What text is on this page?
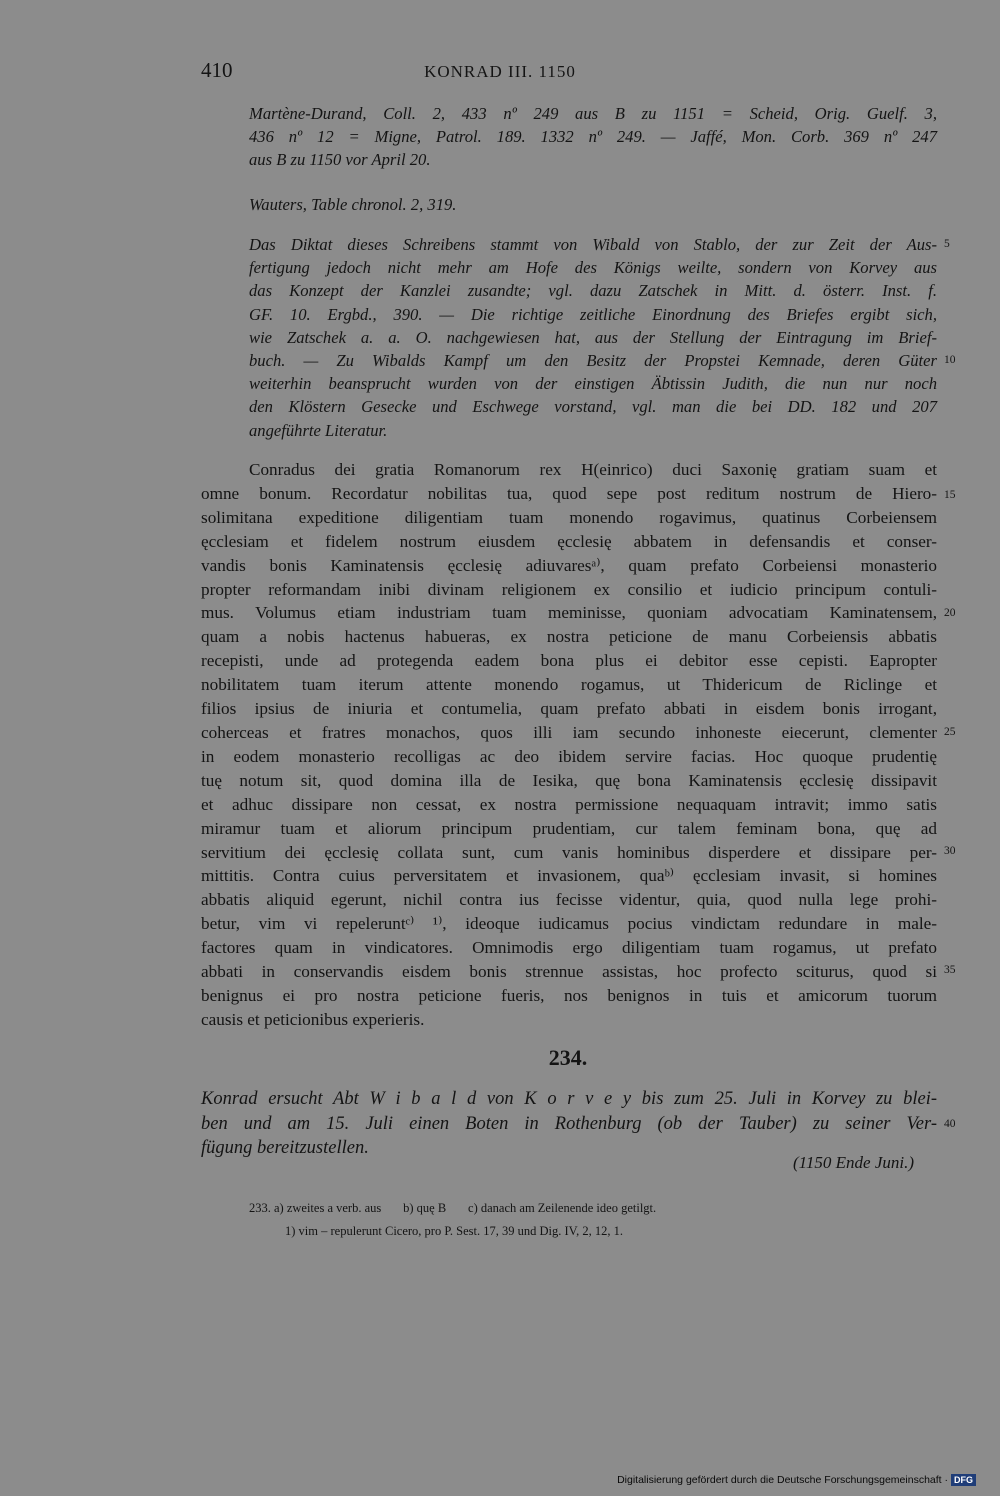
410	KONRAD III. 1150
Martène-Durand, Coll. 2, 433 nº 249 aus B zu 1151 = Scheid, Orig. Guelf. 3,
436 nº 12 = Migne, Patrol. 189. 1332 nº 249. — Jaffé, Mon. Corb. 369 nº 247
aus B zu 1150 vor April 20.
Wauters, Table chronol. 2, 319.
Das Diktat dieses Schreibens stammt von Wibald von Stablo, der zur Zeit der Aus-
fertigung jedoch nicht mehr am Hofe des Königs weilte, sondern von Korvey aus
das Konzept der Kanzlei zusandte; vgl. dazu Zatschek in Mitt. d. österr. Inst. f.
GF. 10. Ergbd., 390. — Die richtige zeitliche Einordnung des Briefes ergibt sich,
wie Zatschek a. a. O. nachgewiesen hat, aus der Stellung der Eintragung im Brief-
buch. — Zu Wibalds Kampf um den Besitz der Propstei Kemnade, deren Güter
weiterhin beansprucht wurden von der einstigen Äbtissin Judith, die nun nur noch
den Klöstern Gesecke und Eschwege vorstand, vgl. man die bei DD. 182 und 207
angeführte Literatur.
Conradus dei gratia Romanorum rex H(einrico) duci Saxonię gratiam suam et
omne bonum. Recordatur nobilitas tua, quod sepe post reditum nostrum de Hiero-
solimitana expeditione diligentiam tuam monendo rogavimus, quatinus Corbeiensem
ęcclesiam et fidelem nostrum eiusdem ęcclesię abbatem in defensandis et conser-
vandis bonis Kaminatensis ęcclesię adiuvaresᵃ⁾, quam prefato Corbeiensi monasterio
propter reformandam inibi divinam religionem ex consilio et iudicio principum contuli-
mus. Volumus etiam industriam tuam meminisse, quoniam advocatiam Kaminatensem,
quam a nobis hactenus habueras, ex nostra peticione de manu Corbeiensis abbatis
recepisti, unde ad protegenda eadem bona plus ei debitor esse cepisti. Eapropter
nobilitatem tuam iterum attente monendo rogamus, ut Thidericum de Riclinge et
filios ipsius de iniuria et contumelia, quam prefato abbati in eisdem bonis irrogant,
coherceas et fratres monachos, quos illi iam secundo inhoneste eiecerunt, clementer
in eodem monasterio recolligas ac deo ibidem servire facias. Hoc quoque prudentię
tuę notum sit, quod domina illa de Iesika, quę bona Kaminatensis ęcclesię dissipavit
et adhuc dissipare non cessat, ex nostra permissione nequaquam intravit; immo satis
miramur tuam et aliorum principum prudentiam, cur talem feminam bona, quę ad
servitium dei ęcclesię collata sunt, cum vanis hominibus disperdere et dissipare per-
mittitis. Contra cuius perversitatem et invasionem, quaᵇ⁾ ęcclesiam invasit, si homines
abbatis aliquid egerunt, nichil contra ius fecisse videntur, quia, quod nulla lege prohi-
betur, vim vi repeleruntᶜ⁾ ¹⁾, ideoque iudicamus pocius vindictam redundare in male-
factores quam in vindicatores. Omnimodis ergo diligentiam tuam rogamus, ut prefato
abbati in conservandis eisdem bonis strennue assistas, hoc profecto sciturus, quod si
benignus ei pro nostra peticione fueris, nos benignos in tuis et amicorum tuorum
causis et peticionibus experieris.
5
10
15
20
25
30
35
40
234.
Konrad ersucht Abt W i b a l d von K o r v e y bis zum 25. Juli in Korvey zu blei-
ben und am 15. Juli einen Boten in Rothenburg (ob der Tauber) zu seiner Ver-
fügung bereitzustellen.
(1150 Ende Juni.)
233. a) zweites a verb. aus       b) quę B       c) danach am Zeilenende ideo getilgt.
1) vim – repulerunt Cicero, pro P. Sest. 17, 39 und Dig. IV, 2, 12, 1.
Digitalisierung gefördert durch die Deutsche Forschungsgemeinschaft · DFG
